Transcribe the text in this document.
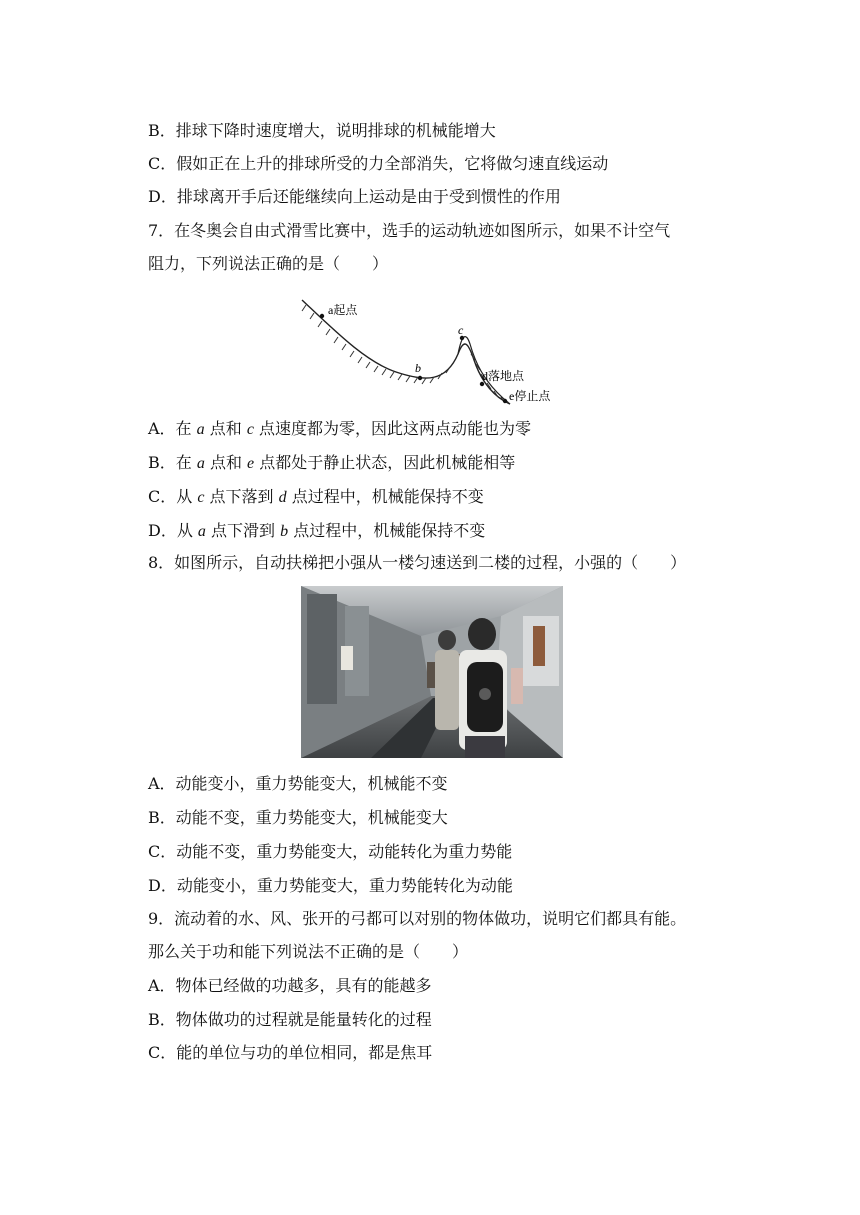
B．排球下降时速度增大，说明排球的机械能增大
C．假如正在上升的排球所受的力全部消失，它将做匀速直线运动
D．排球离开手后还能继续向上运动是由于受到惯性的作用
7．在冬奥会自由式滑雪比赛中，选手的运动轨迹如图所示，如果不计空气
阻力，下列说法正确的是（　　）
a起点
b
c
d落地点
e停止点
A．在 a 点和 c 点速度都为零，因此这两点动能也为零
B．在 a 点和 e 点都处于静止状态，因此机械能相等
C．从 c 点下落到 d 点过程中，机械能保持不变
D．从 a 点下滑到 b 点过程中，机械能保持不变
8．如图所示，自动扶梯把小强从一楼匀速送到二楼的过程，小强的（　　）
A．动能变小，重力势能变大，机械能不变
B．动能不变，重力势能变大，机械能变大
C．动能不变，重力势能变大，动能转化为重力势能
D．动能变小，重力势能变大，重力势能转化为动能
9．流动着的水、风、张开的弓都可以对别的物体做功，说明它们都具有能。
那么关于功和能下列说法不正确的是（　　）
A．物体已经做的功越多，具有的能越多
B．物体做功的过程就是能量转化的过程
C．能的单位与功的单位相同，都是焦耳
